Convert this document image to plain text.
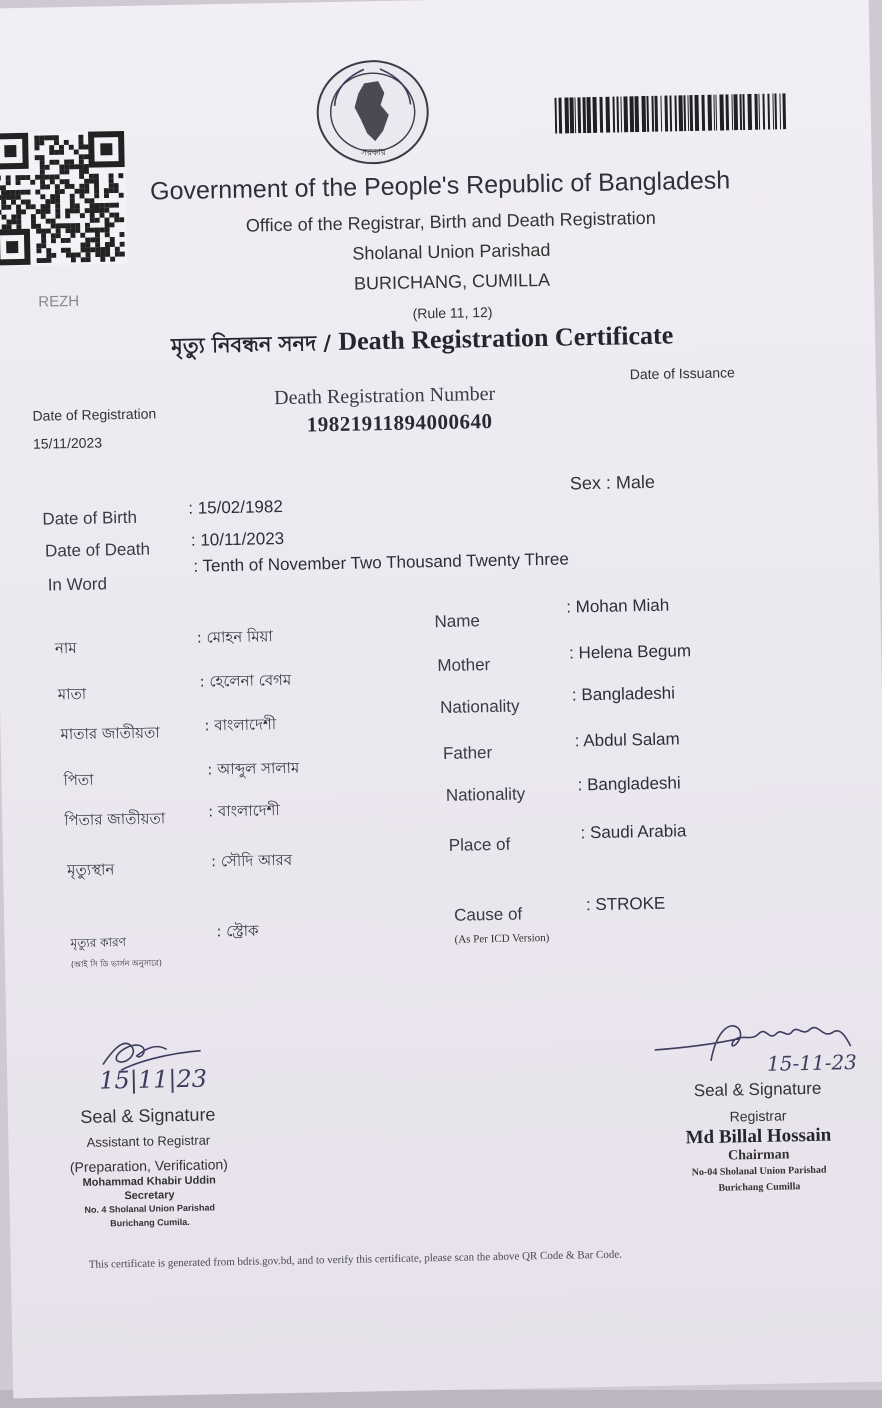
REZH
সরকার
Government of the People's Republic of Bangladesh
Office of the Registrar, Birth and Death Registration
Sholanal Union Parishad
BURICHANG, CUMILLA
(Rule 11, 12)
মৃত্যু নিবন্ধন সনদ / Death Registration Certificate
Date of Registration
15/11/2023
Death Registration Number
19821911894000640
Date of Issuance
Sex : Male
Date of Birth
: 15/02/1982
Date of Death
: 10/11/2023
In Word
: Tenth of November Two Thousand Twenty Three
নাম
: মোহন মিয়া
মাতা
: হেলেনা বেগম
মাতার জাতীয়তা	: বাংলাদেশী
পিতা
: আব্দুল সালাম
পিতার জাতীয়তা	: বাংলাদেশী
মৃত্যুস্থান	: সৌদি আরব
মৃত্যুর কারণ
: স্ট্রোক
(আই সি ডি ভার্সন অনুসারে)
Name
: Mohan Miah
Mother
: Helena Begum
Nationality
: Bangladeshi
Father
: Abdul Salam
Nationality
: Bangladeshi
Place of
: Saudi Arabia
Cause of
: STROKE
(As Per ICD Version)
15|11|23
Seal & Signature
Assistant to Registrar
(Preparation, Verification)
Mohammad Khabir Uddin
Secretary
No. 4 Sholanal Union Parishad
Burichang Cumila.
15-11-23
Seal & Signature
Registrar
Md Billal Hossain
Chairman
No-04 Sholanal Union Parishad
Burichang Cumilla
This certificate is generated from bdris.gov.bd, and to verify this certificate, please scan the above QR Code & Bar Code.
